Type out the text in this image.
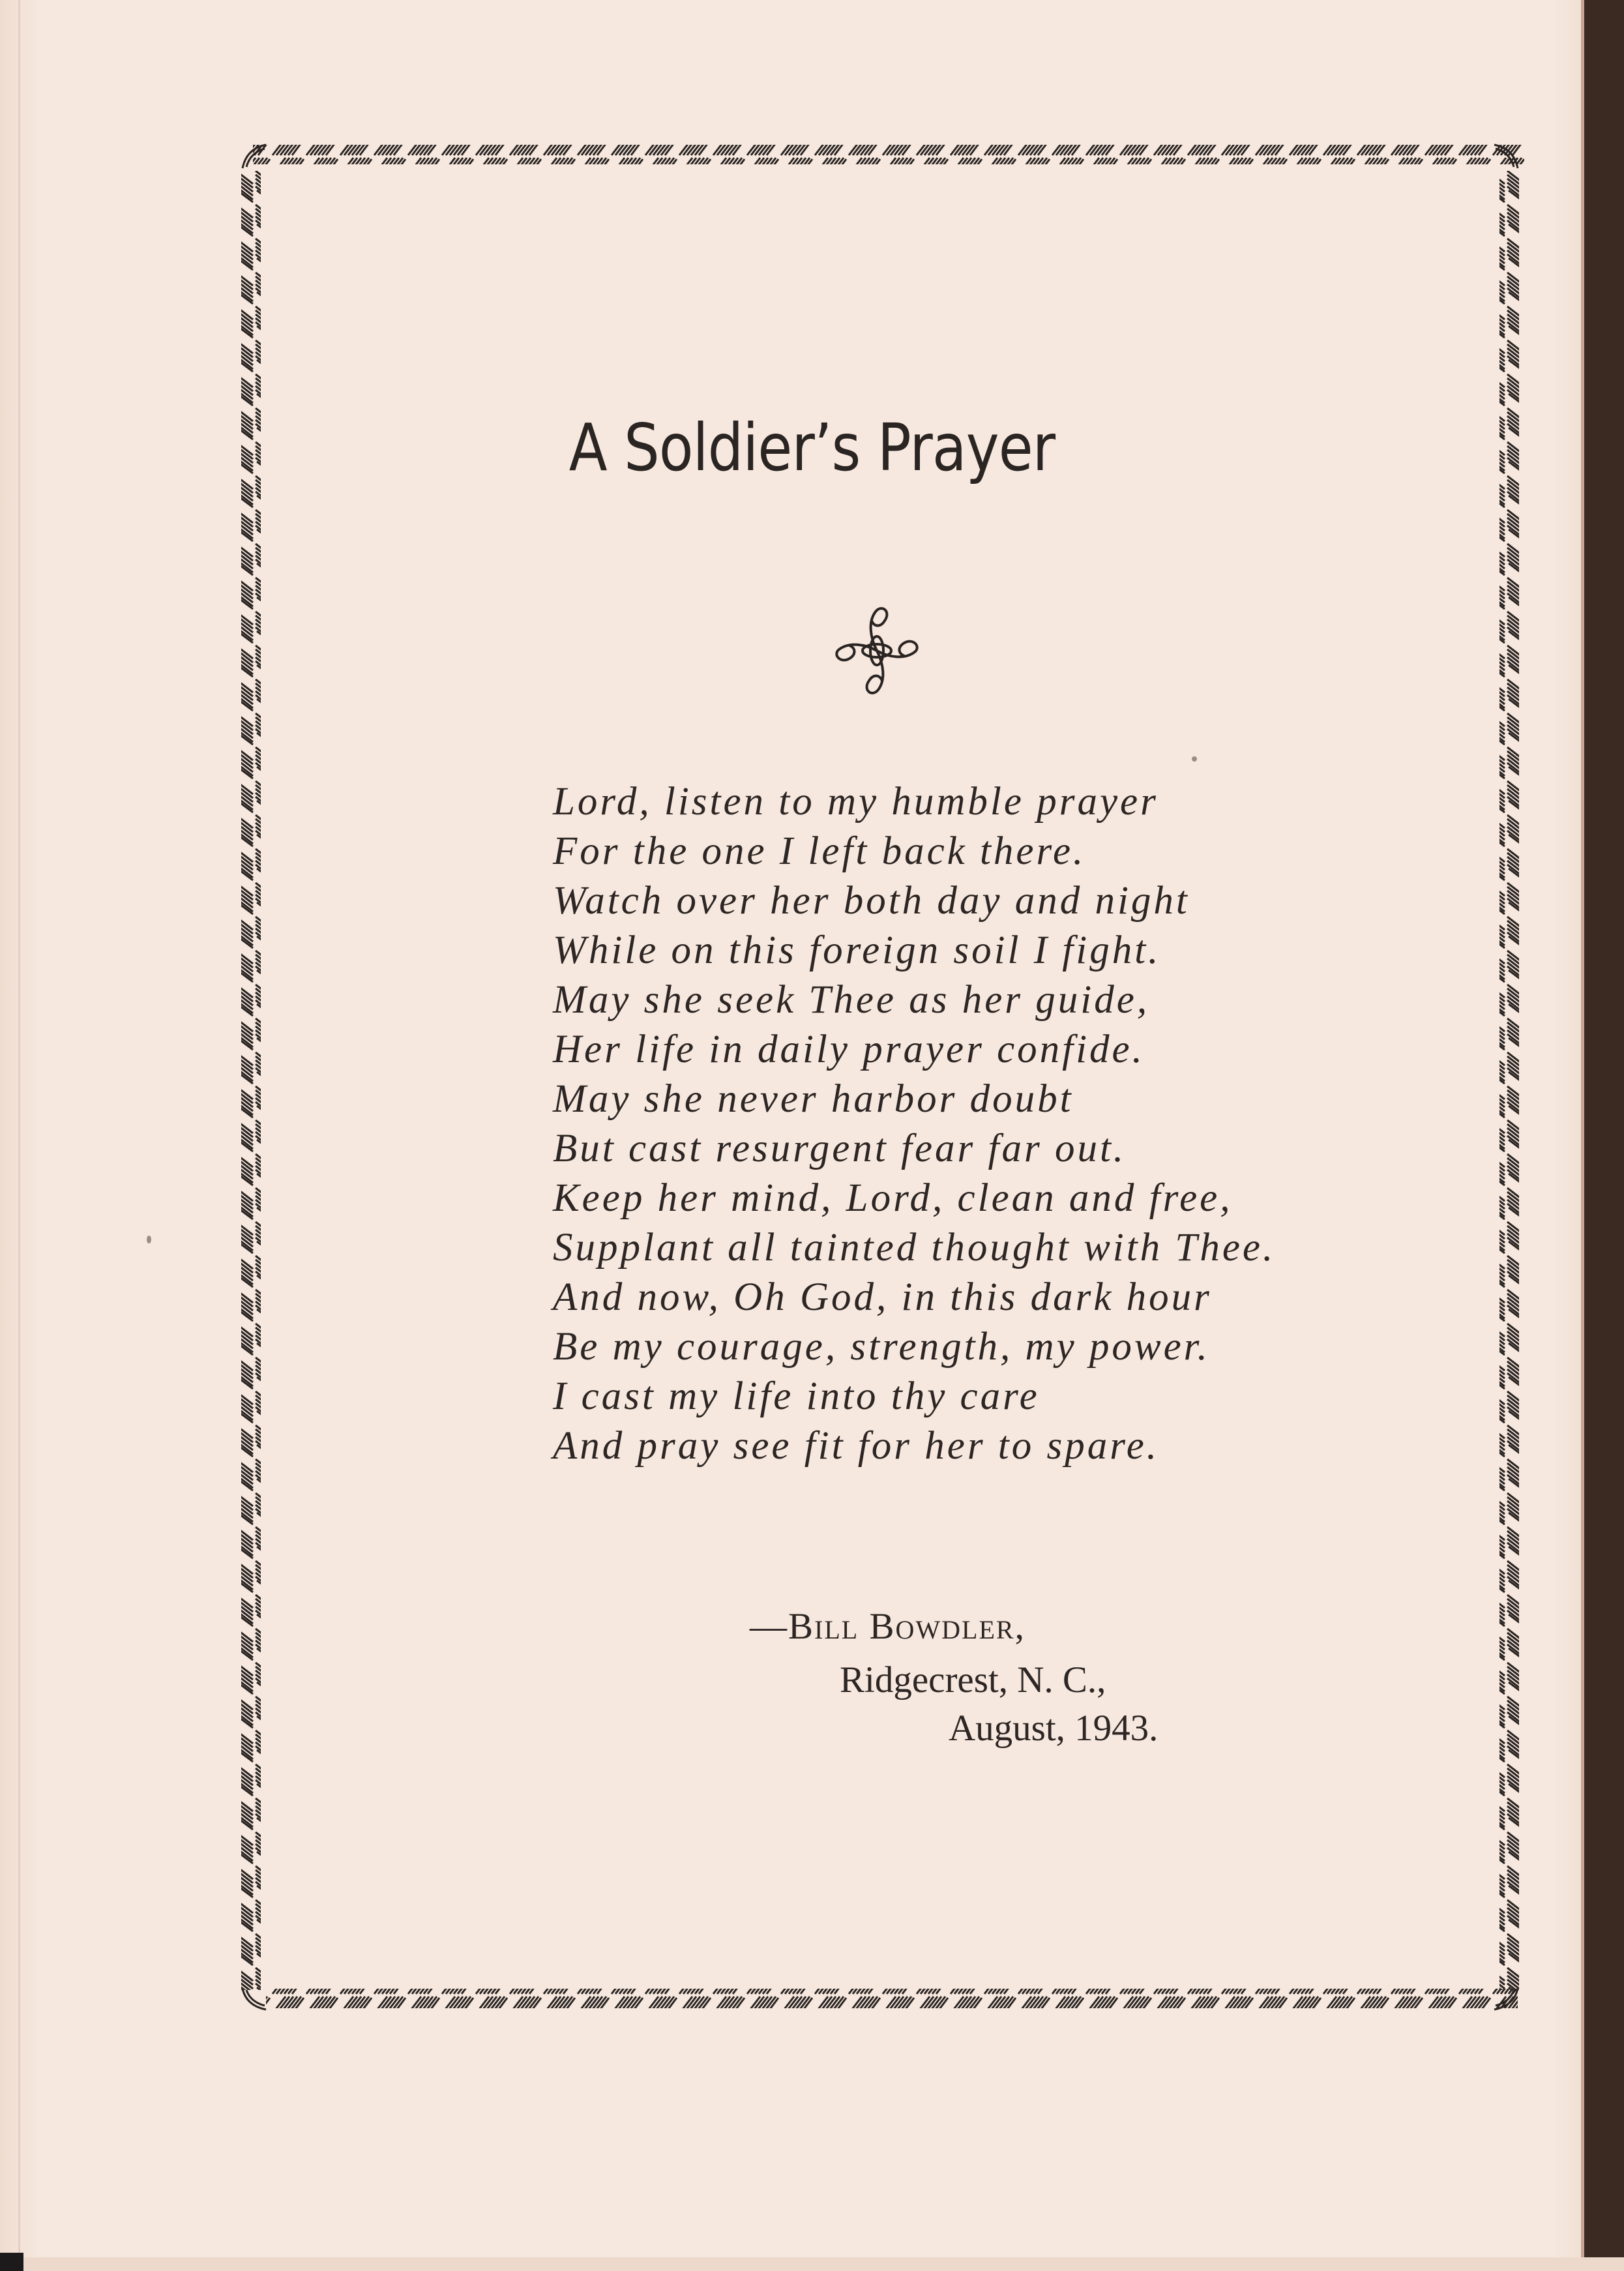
A Soldier’s Prayer
Lord, listen to my humble prayer
For the one I left back there.
Watch over her both day and night
While on this foreign soil I fight.
May she seek Thee as her guide,
Her life in daily prayer confide.
May she never harbor doubt
But cast resurgent fear far out.
Keep her mind, Lord, clean and free,
Supplant all tainted thought with Thee.
And now, Oh God, in this dark hour
Be my courage, strength, my power.
I cast my life into thy care
And pray see fit for her to spare.
—Bill Bowdler,
Ridgecrest, N. C.,
August, 1943.
